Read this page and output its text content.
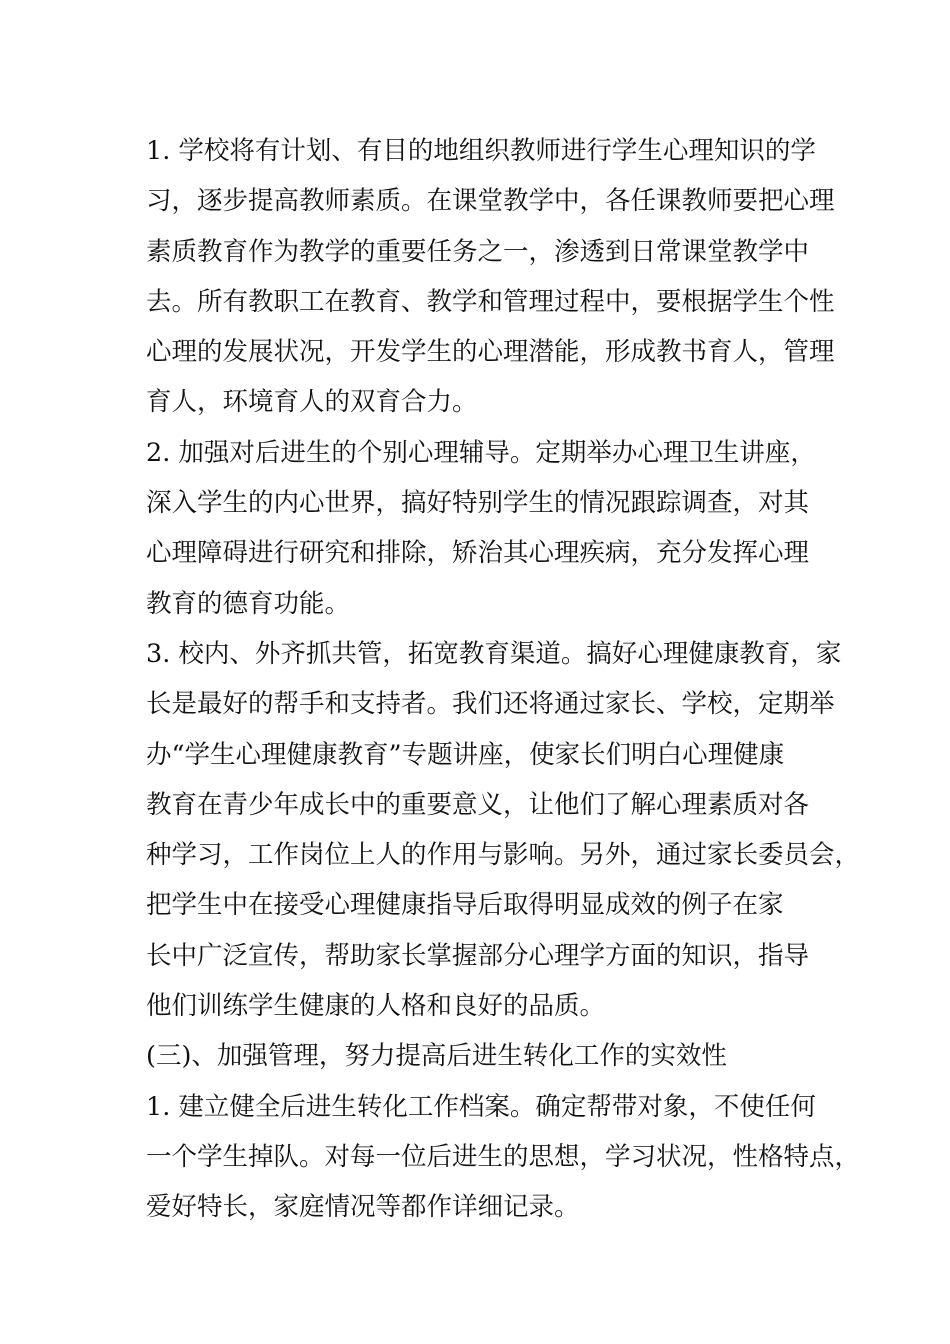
1. 学校将有计划、有目的地组织教师进行学生心理知识的学
习，逐步提高教师素质。在课堂教学中，各任课教师要把心理
素质教育作为教学的重要任务之一，渗透到日常课堂教学中
去。所有教职工在教育、教学和管理过程中，要根据学生个性
心理的发展状况，开发学生的心理潜能，形成教书育人，管理
育人，环境育人的双育合力。
2. 加强对后进生的个别心理辅导。定期举办心理卫生讲座，
深入学生的内心世界，搞好特别学生的情况跟踪调查，对其
心理障碍进行研究和排除，矫治其心理疾病，充分发挥心理
教育的德育功能。
3. 校内、外齐抓共管，拓宽教育渠道。搞好心理健康教育，家
长是最好的帮手和支持者。我们还将通过家长、学校，定期举
办“学生心理健康教育”专题讲座，使家长们明白心理健康
教育在青少年成长中的重要意义，让他们了解心理素质对各
种学习，工作岗位上人的作用与影响。另外，通过家长委员会，
把学生中在接受心理健康指导后取得明显成效的例子在家
长中广泛宣传，帮助家长掌握部分心理学方面的知识，指导
他们训练学生健康的人格和良好的品质。
(三)、加强管理，努力提高后进生转化工作的实效性
1. 建立健全后进生转化工作档案。确定帮带对象，不使任何
一个学生掉队。对每一位后进生的思想，学习状况，性格特点，
爱好特长，家庭情况等都作详细记录。
